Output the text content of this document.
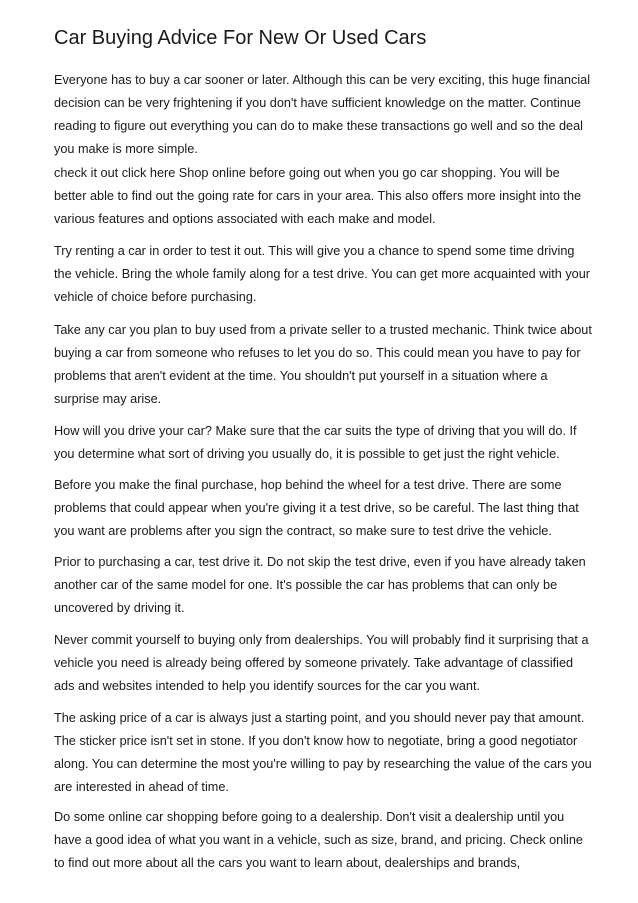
Car Buying Advice For New Or Used Cars

Everyone has to buy a car sooner or later. Although this can be very exciting, this huge financial decision can be very frightening if you don't have sufficient knowledge on the matter. Continue reading to figure out everything you can do to make these transactions go well and so the deal you make is more simple.

check it out click here Shop online before going out when you go car shopping. You will be better able to find out the going rate for cars in your area. This also offers more insight into the various features and options associated with each make and model.

Try renting a car in order to test it out. This will give you a chance to spend some time driving the vehicle. Bring the whole family along for a test drive. You can get more acquainted with your vehicle of choice before purchasing.

Take any car you plan to buy used from a private seller to a trusted mechanic. Think twice about buying a car from someone who refuses to let you do so. This could mean you have to pay for problems that aren't evident at the time. You shouldn't put yourself in a situation where a surprise may arise.

How will you drive your car? Make sure that the car suits the type of driving that you will do. If you determine what sort of driving you usually do, it is possible to get just the right vehicle.

Before you make the final purchase, hop behind the wheel for a test drive. There are some problems that could appear when you're giving it a test drive, so be careful. The last thing that you want are problems after you sign the contract, so make sure to test drive the vehicle.

Prior to purchasing a car, test drive it. Do not skip the test drive, even if you have already taken another car of the same model for one. It's possible the car has problems that can only be uncovered by driving it.

Never commit yourself to buying only from dealerships. You will probably find it surprising that a vehicle you need is already being offered by someone privately. Take advantage of classified ads and websites intended to help you identify sources for the car you want.

The asking price of a car is always just a starting point, and you should never pay that amount. The sticker price isn't set in stone. If you don't know how to negotiate, bring a good negotiator along. You can determine the most you're willing to pay by researching the value of the cars you are interested in ahead of time.

Do some online car shopping before going to a dealership. Don't visit a dealership until you have a good idea of what you want in a vehicle, such as size, brand, and pricing. Check online to find out more about all the cars you want to learn about, dealerships and brands,
